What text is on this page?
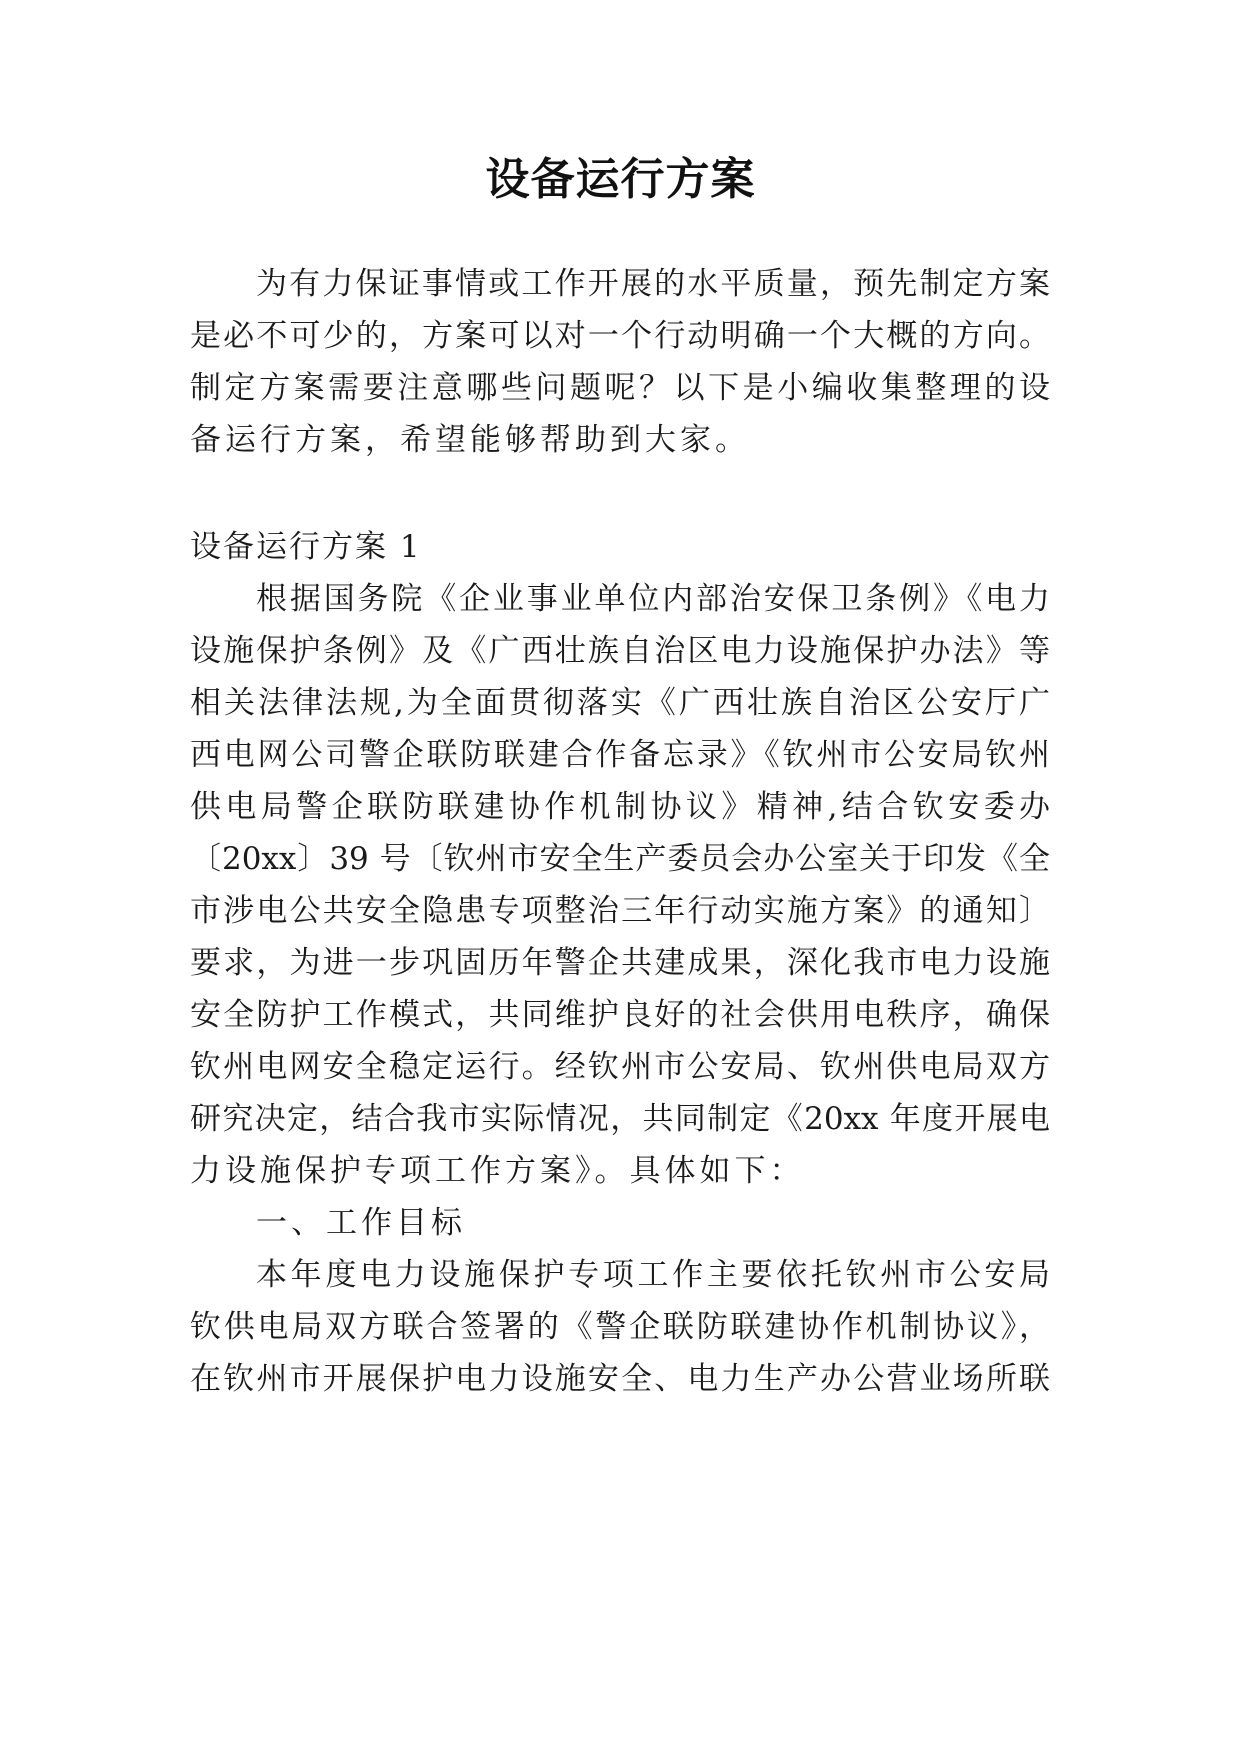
设备运行方案
为有力保证事情或工作开展的水平质量，预先制定方案
是必不可少的，方案可以对一个行动明确一个大概的方向。
制定方案需要注意哪些问题呢？以下是小编收集整理的设
备运行方案，希望能够帮助到大家。
设备运行方案 1
根据国务院《企业事业单位内部治安保卫条例》《电力
设施保护条例》及《广西壮族自治区电力设施保护办法》等
相关法律法规,为全面贯彻落实《广西壮族自治区公安厅广
西电网公司警企联防联建合作备忘录》《钦州市公安局钦州
供电局警企联防联建协作机制协议》精神,结合钦安委办
〔20xx〕39 号〔钦州市安全生产委员会办公室关于印发《全
市涉电公共安全隐患专项整治三年行动实施方案》的通知〕
要求，为进一步巩固历年警企共建成果，深化我市电力设施
安全防护工作模式，共同维护良好的社会供用电秩序，确保
钦州电网安全稳定运行。经钦州市公安局、钦州供电局双方
研究决定，结合我市实际情况，共同制定《20xx 年度开展电
力设施保护专项工作方案》。具体如下：
一、工作目标
本年度电力设施保护专项工作主要依托钦州市公安局
钦供电局双方联合签署的《警企联防联建协作机制协议》，
在钦州市开展保护电力设施安全、电力生产办公营业场所联
